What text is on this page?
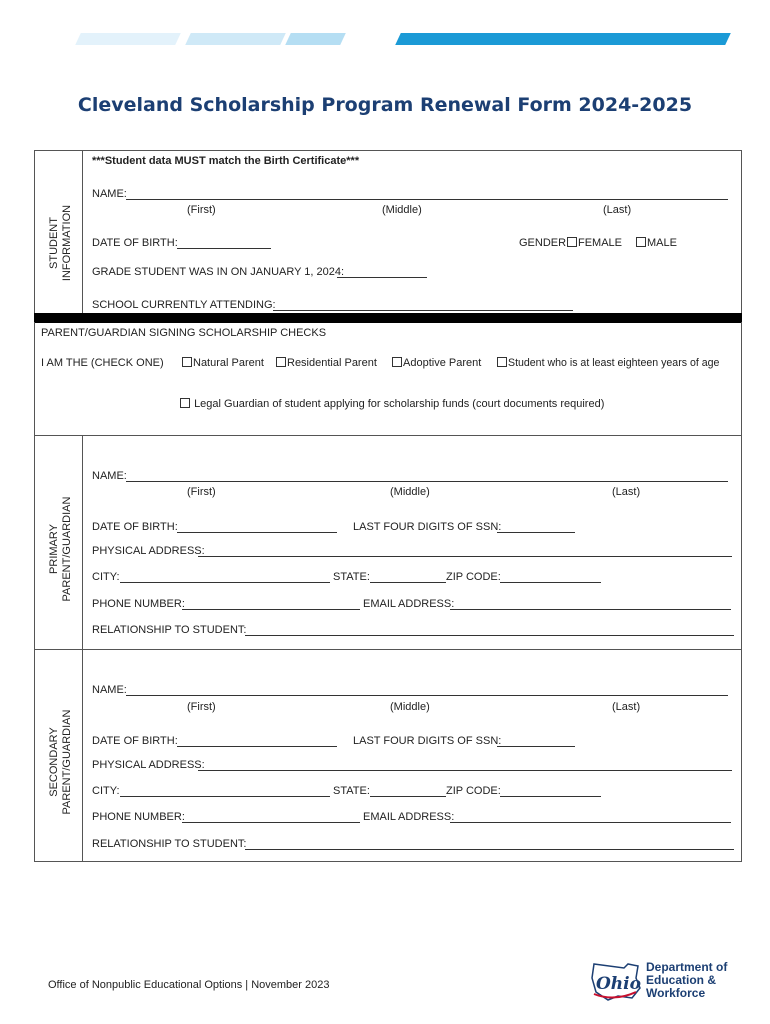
Cleveland Scholarship Program Renewal Form 2024-2025
STUDENT INFORMATION
***Student data MUST match the Birth Certificate***
NAME:
(First)	(Middle)	(Last)
DATE OF BIRTH:	GENDER: FEMALE	MALE
GRADE STUDENT WAS IN ON JANUARY 1, 2024:
SCHOOL CURRENTLY ATTENDING:
PARENT/GUARDIAN SIGNING SCHOLARSHIP CHECKS
I AM THE (CHECK ONE)	Natural Parent	Residential Parent	Adoptive Parent	Student who is at least eighteen years of age
Legal Guardian of student applying for scholarship funds (court documents required)
PRIMARY PARENT/GUARDIAN
NAME:
(First)	(Middle)	(Last)
DATE OF BIRTH:	LAST FOUR DIGITS OF SSN:
PHYSICAL ADDRESS:
CITY:	STATE:	ZIP CODE:
PHONE NUMBER:	EMAIL ADDRESS:
RELATIONSHIP TO STUDENT:
SECONDARY PARENT/GUARDIAN
NAME:
(First)	(Middle)	(Last)
DATE OF BIRTH:	LAST FOUR DIGITS OF SSN:
PHYSICAL ADDRESS:
CITY:	STATE:	ZIP CODE:
PHONE NUMBER:	EMAIL ADDRESS:
RELATIONSHIP TO STUDENT:
Office of Nonpublic Educational Options | November 2023	Ohio
Department of
Education &
Workforce
